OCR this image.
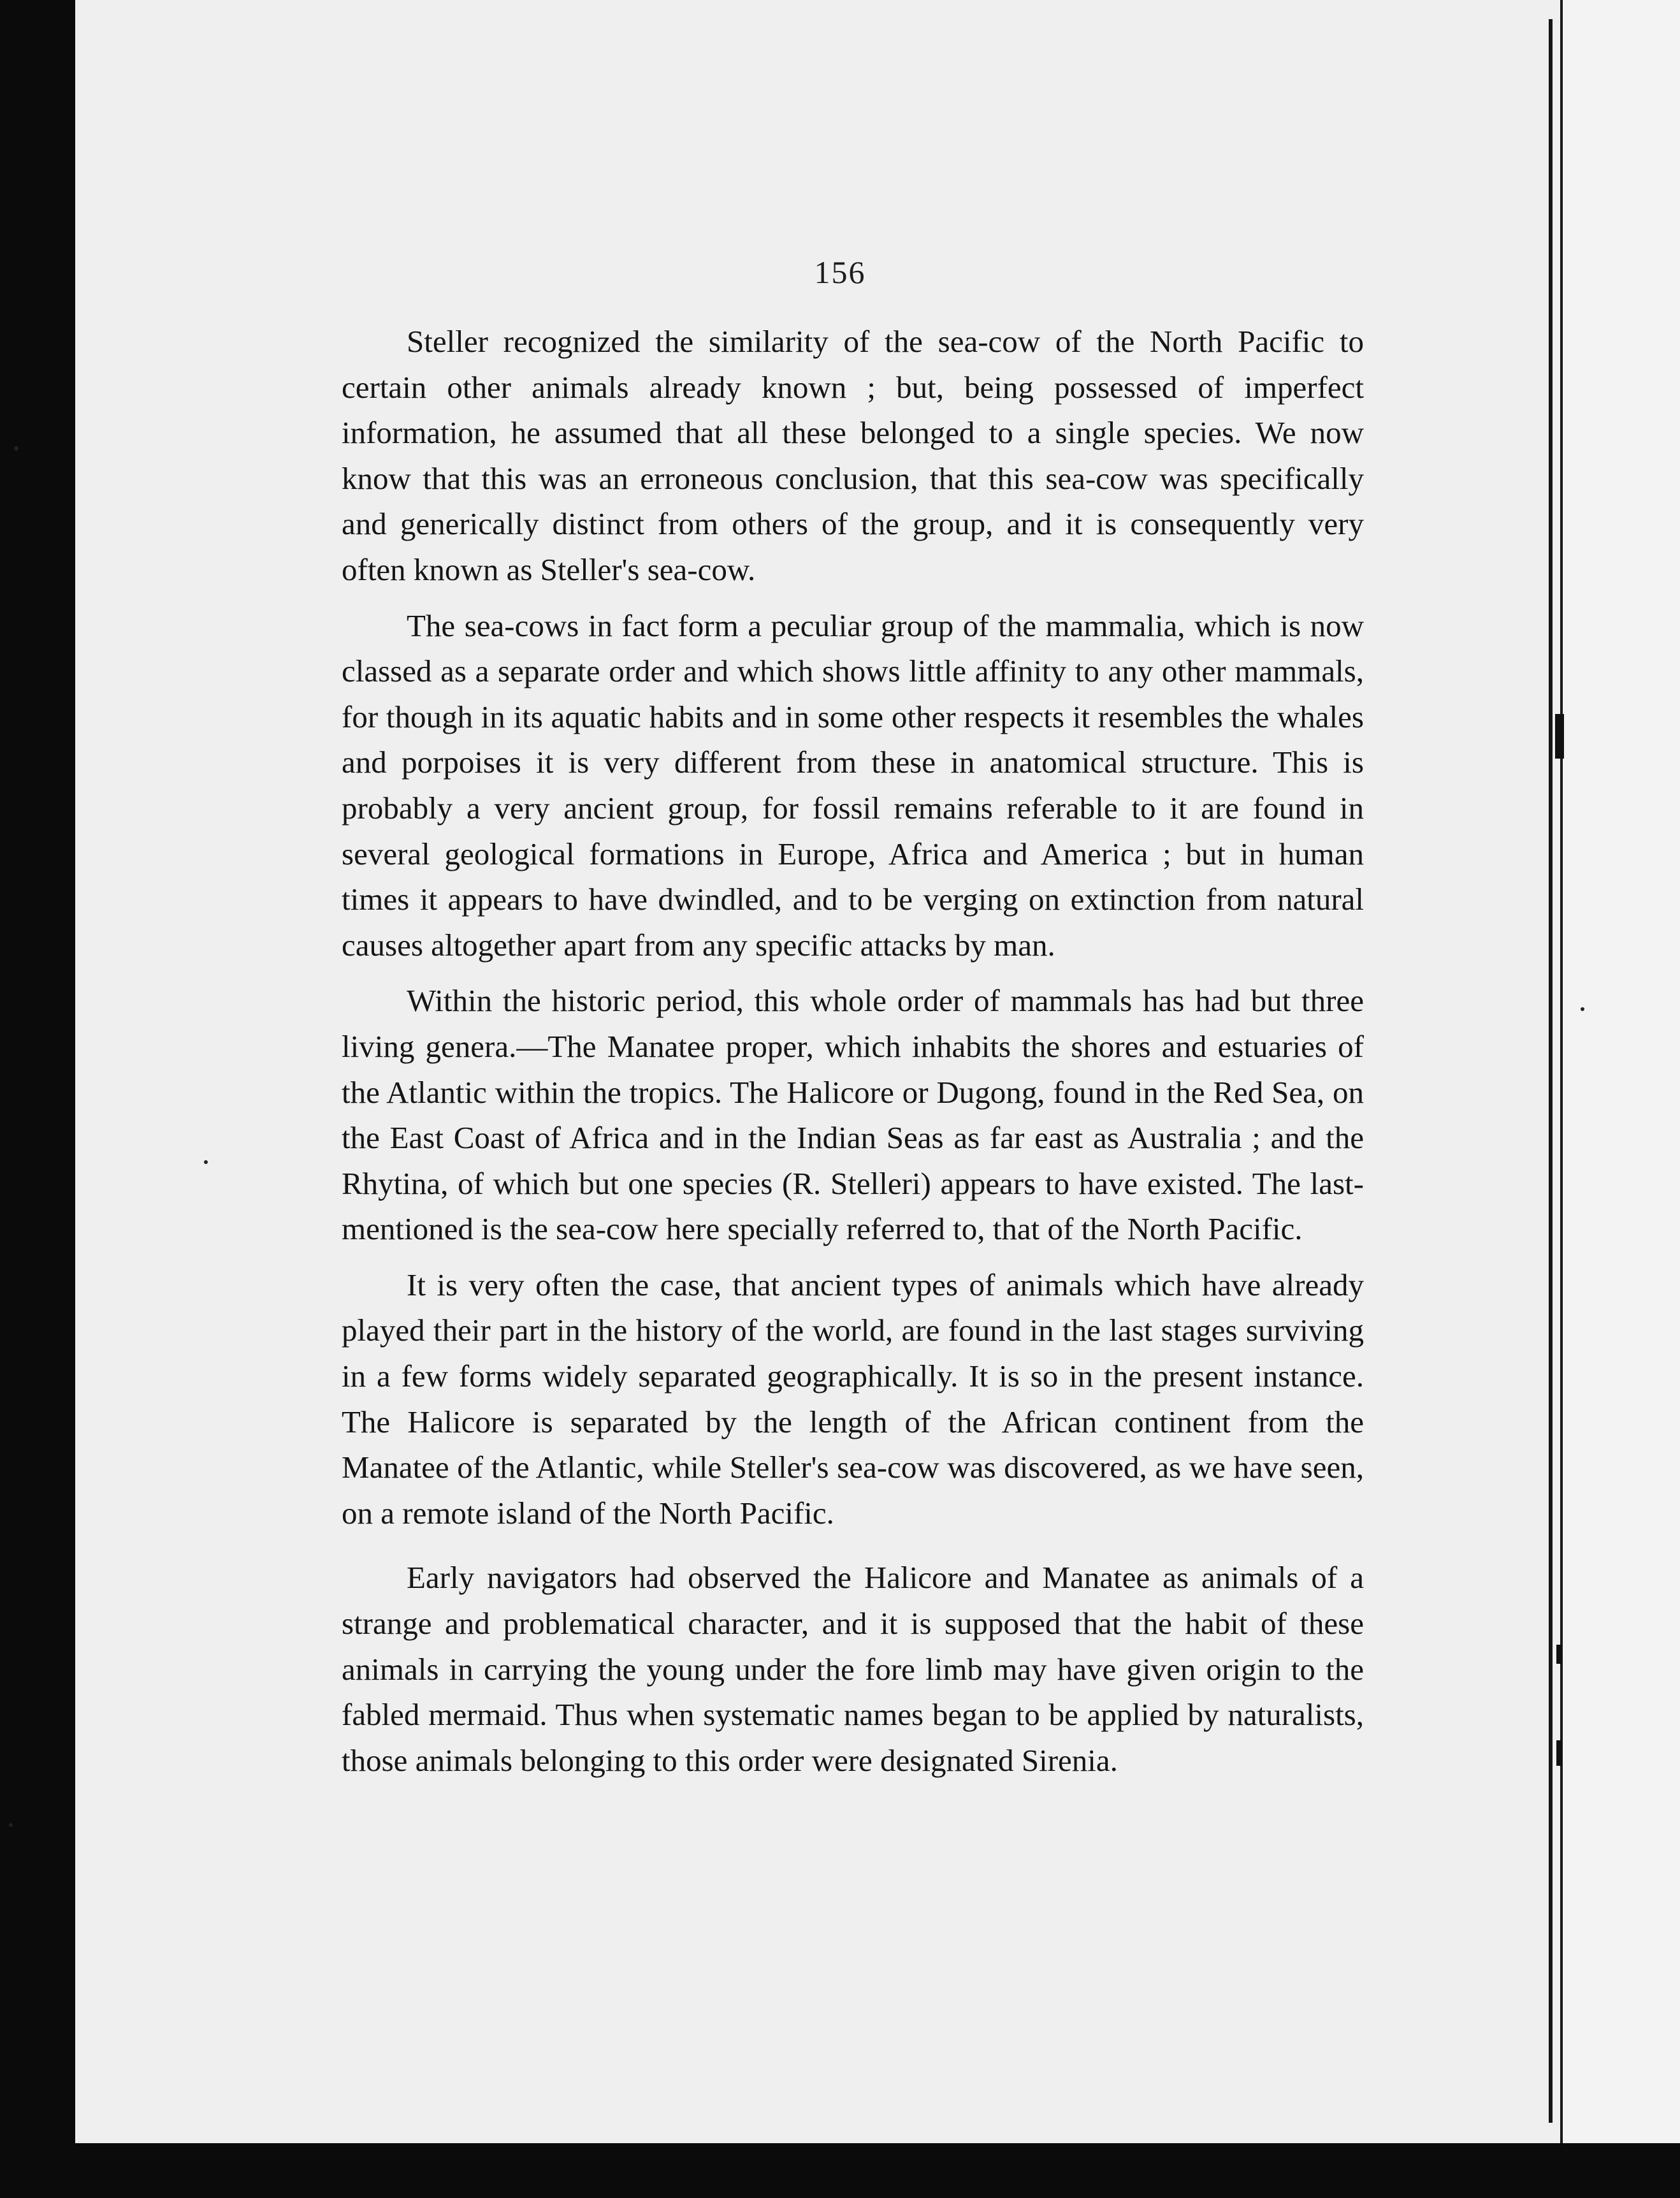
156

Steller recognized the similarity of the sea-cow of the North Pacific to certain other animals already known ; but, being possessed of imperfect information, he assumed that all these belonged to a single species. We now know that this was an erroneous conclusion, that this sea-cow was specifically and generically distinct from others of the group, and it is consequently very often known as Steller's sea-cow.

The sea-cows in fact form a peculiar group of the mammalia, which is now classed as a separate order and which shows little affinity to any other mammals, for though in its aquatic habits and in some other respects it resembles the whales and porpoises it is very different from these in anatomical structure. This is probably a very ancient group, for fossil remains referable to it are found in several geological formations in Europe, Africa and America ; but in human times it appears to have dwindled, and to be verging on extinction from natural causes altogether apart from any specific attacks by man.

Within the historic period, this whole order of mammals has had but three living genera.—The Manatee proper, which inhabits the shores and estuaries of the Atlantic within the tropics. The Halicore or Dugong, found in the Red Sea, on the East Coast of Africa and in the Indian Seas as far east as Australia ; and the Rhytina, of which but one species (R. Stelleri) appears to have existed. The last-mentioned is the sea-cow here specially referred to, that of the North Pacific.

It is very often the case, that ancient types of animals which have already played their part in the history of the world, are found in the last stages surviving in a few forms widely separated geographically. It is so in the present instance. The Halicore is separated by the length of the African continent from the Manatee of the Atlantic, while Steller's sea-cow was discovered, as we have seen, on a remote island of the North Pacific.

Early navigators had observed the Halicore and Manatee as animals of a strange and problematical character, and it is supposed that the habit of these animals in carrying the young under the fore limb may have given origin to the fabled mermaid. Thus when systematic names began to be applied by naturalists, those animals belonging to this order were designated Sirenia.
